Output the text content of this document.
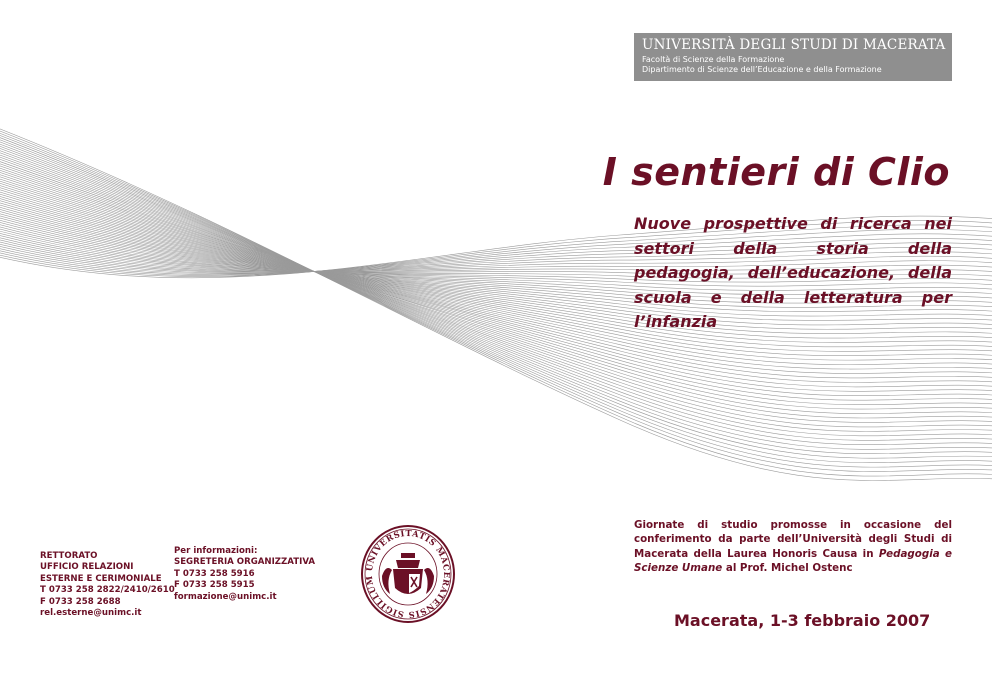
UNIVERSITÀ DEGLI STUDI DI MACERATA
Facoltà di Scienze della Formazione
Dipartimento di Scienze dell’Educazione e della Formazione
I sentieri di Clio
Nuove prospettive di ricerca nei settori della storia della pedagogia, dell’educazione, della scuola e della letteratura per l’infanzia
RETTORATO
UFFICIO RELAZIONI
ESTERNE E CERIMONIALE
T 0733 258 2822/2410/2610
F 0733 258 2688
rel.esterne@unimc.it
Per informazioni:
SEGRETERIA ORGANIZZATIVA
T 0733 258 5916
F 0733 258 5915
formazione@unimc.it
UNIVERSITATIS MACERATENSIS SIGILLUM
Giornate di studio promosse in occasione del conferimento da parte dell’Università degli Studi di Macerata della Laurea Honoris Causa in Pedagogia e Scienze Umane al Prof. Michel Ostenc
Macerata, 1-3 febbraio 2007
